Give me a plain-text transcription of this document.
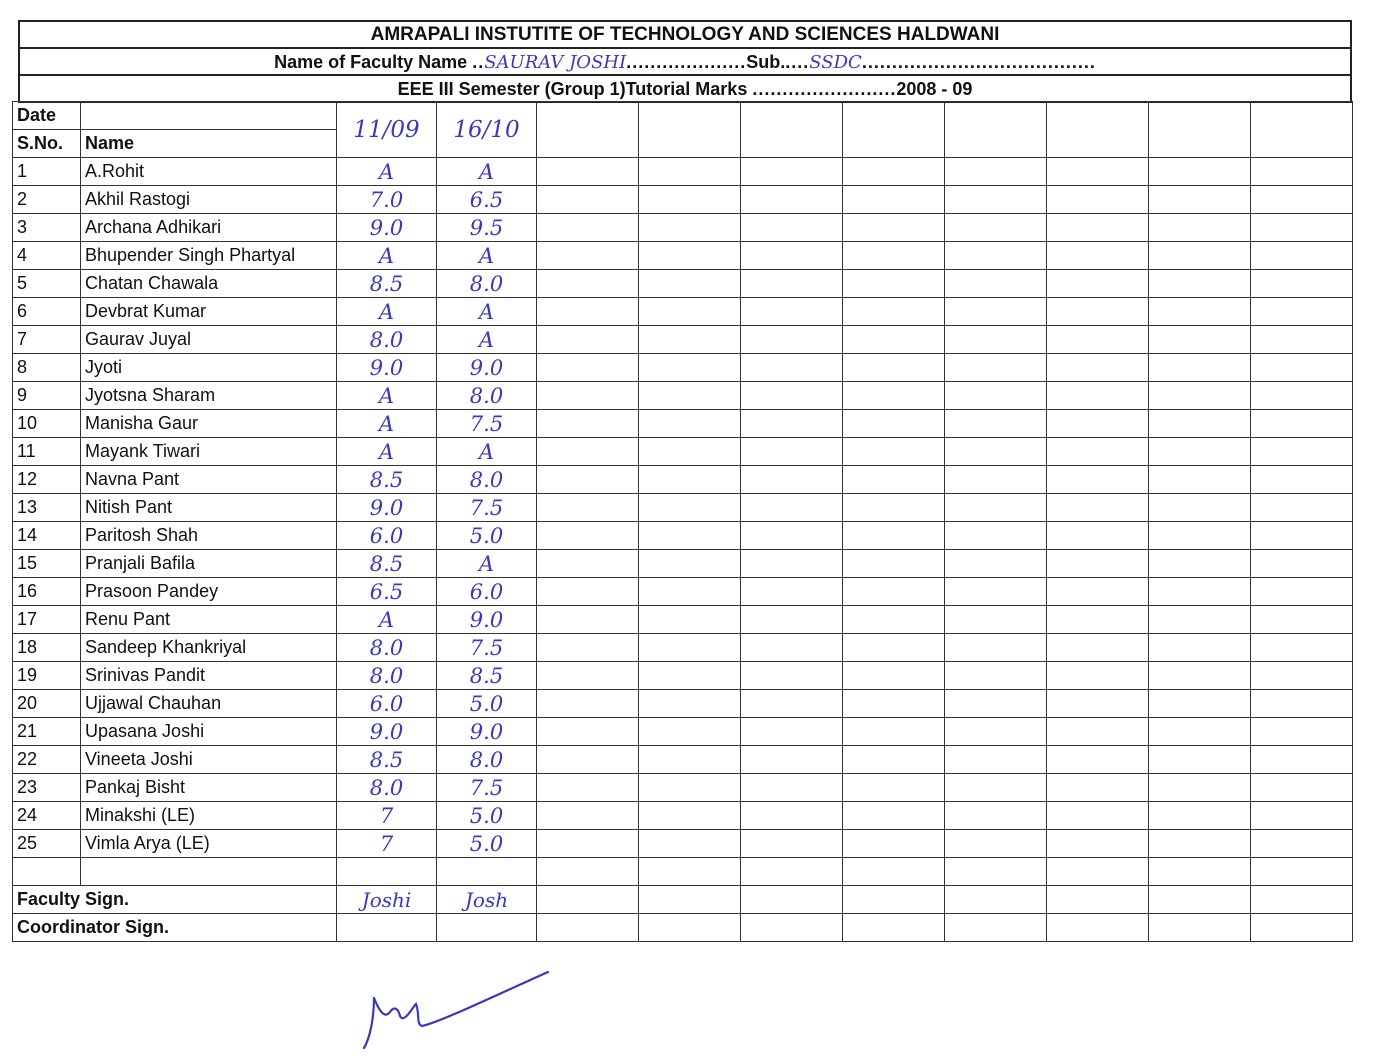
AMRAPALI INSTUTITE OF TECHNOLOGY AND SCIENCES HALDWANI
Name of Faculty Name ..SAURAV JOSHI....................Sub.....SSDC.......................................
EEE III Semester (Group 1)Tutorial Marks ........................2008 - 09
Date		11/09	16/10								
S.No.	Name										
1	A.Rohit	A	A								
2	Akhil Rastogi	7.0	6.5								
3	Archana Adhikari	9.0	9.5								
4	Bhupender Singh Phartyal	A	A								
5	Chatan Chawala	8.5	8.0								
6	Devbrat Kumar	A	A								
7	Gaurav Juyal	8.0	A								
8	Jyoti	9.0	9.0								
9	Jyotsna Sharam	A	8.0								
10	Manisha Gaur	A	7.5								
11	Mayank Tiwari	A	A								
12	Navna Pant	8.5	8.0								
13	Nitish Pant	9.0	7.5								
14	Paritosh Shah	6.0	5.0								
15	Pranjali Bafila	8.5	A								
16	Prasoon Pandey	6.5	6.0								
17	Renu Pant	A	9.0								
18	Sandeep Khankriyal	8.0	7.5								
19	Srinivas Pandit	8.0	8.5								
20	Ujjawal Chauhan	6.0	5.0								
21	Upasana Joshi	9.0	9.0								
22	Vineeta Joshi	8.5	8.0								
23	Pankaj Bisht	8.0	7.5								
24	Minakshi (LE)	7	5.0								
25	Vimla Arya (LE)	7	5.0								

Faculty Sign.		Joshi	Josh								
Coordinator Sign.											
